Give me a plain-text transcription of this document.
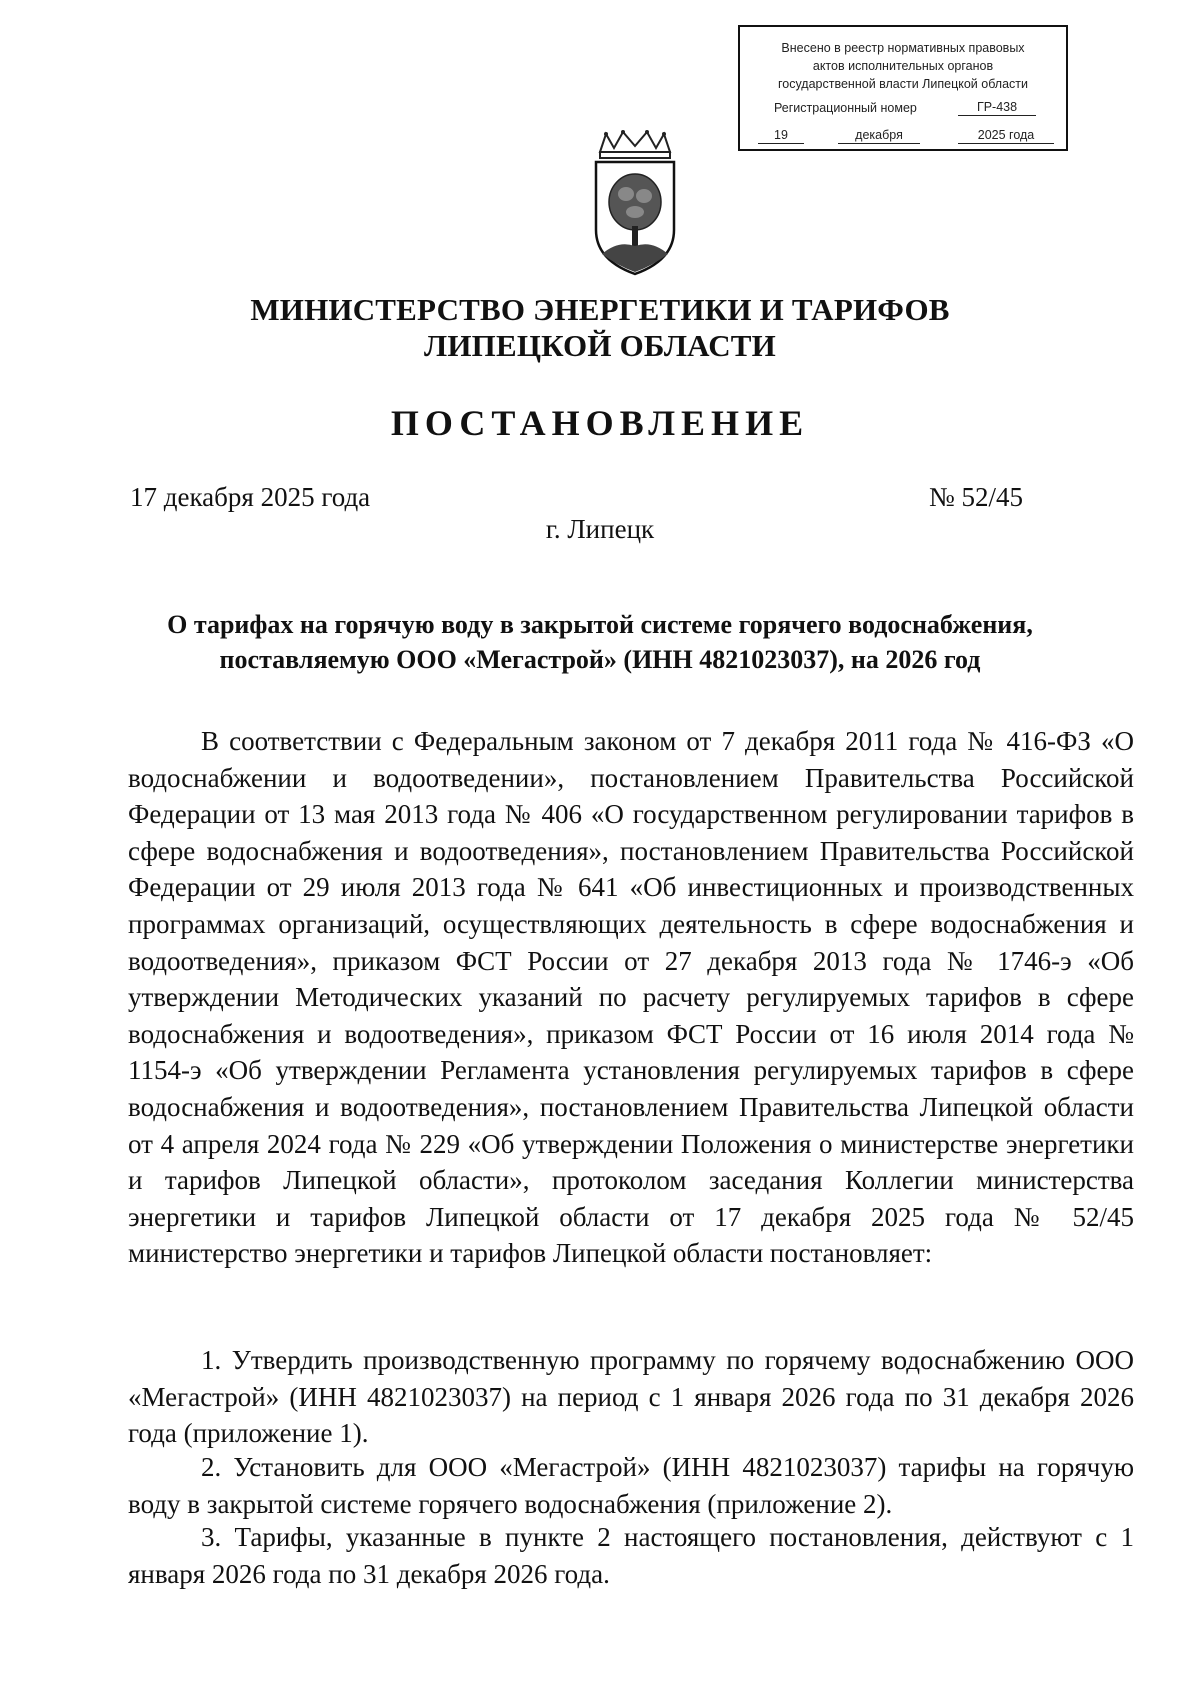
Внесено в реестр нормативных правовых
актов исполнительных органов
государственной власти Липецкой области
Регистрационный номер	ГР-438
19	декабря	2025 года
МИНИСТЕРСТВО ЭНЕРГЕТИКИ И ТАРИФОВ
ЛИПЕЦКОЙ ОБЛАСТИ
ПОСТАНОВЛЕНИЕ
17 декабря 2025 года	№ 52/45
г. Липецк
О тарифах на горячую воду в закрытой системе горячего водоснабжения,
поставляемую ООО «Мегастрой» (ИНН 4821023037), на 2026 год

В соответствии с Федеральным законом от 7 декабря 2011 года № 416-ФЗ «О водоснабжении и водоотведении», постановлением Правительства Российской Федерации от 13 мая 2013 года № 406 «О государственном регулировании тарифов в сфере водоснабжения и водоотведения», постановлением Правительства Российской Федерации от 29 июля 2013 года № 641 «Об инвестиционных и производственных программах организаций, осуществляющих деятельность в сфере водоснабжения и водоотведения», приказом ФСТ России от 27 декабря 2013 года № 1746-э «Об утверждении Методических указаний по расчету регулируемых тарифов в сфере водоснабжения и водоотведения», приказом ФСТ России от 16 июля 2014 года № 1154-э «Об утверждении Регламента установления регулируемых тарифов в сфере водоснабжения и водоотведения», постановлением Правительства Липецкой области от 4 апреля 2024 года № 229 «Об утверждении Положения о министерстве энергетики и тарифов Липецкой области», протоколом заседания Коллегии министерства энергетики и тарифов Липецкой области от 17 декабря 2025 года № 52/45 министерство энергетики и тарифов Липецкой области постановляет:

1. Утвердить производственную программу по горячему водоснабжению ООО «Мегастрой» (ИНН 4821023037) на период с 1 января 2026 года по 31 декабря 2026 года (приложение 1).

2. Установить для ООО «Мегастрой» (ИНН 4821023037) тарифы на горячую воду в закрытой системе горячего водоснабжения (приложение 2).

3. Тарифы, указанные в пункте 2 настоящего постановления, действуют с 1 января 2026 года по 31 декабря 2026 года.
